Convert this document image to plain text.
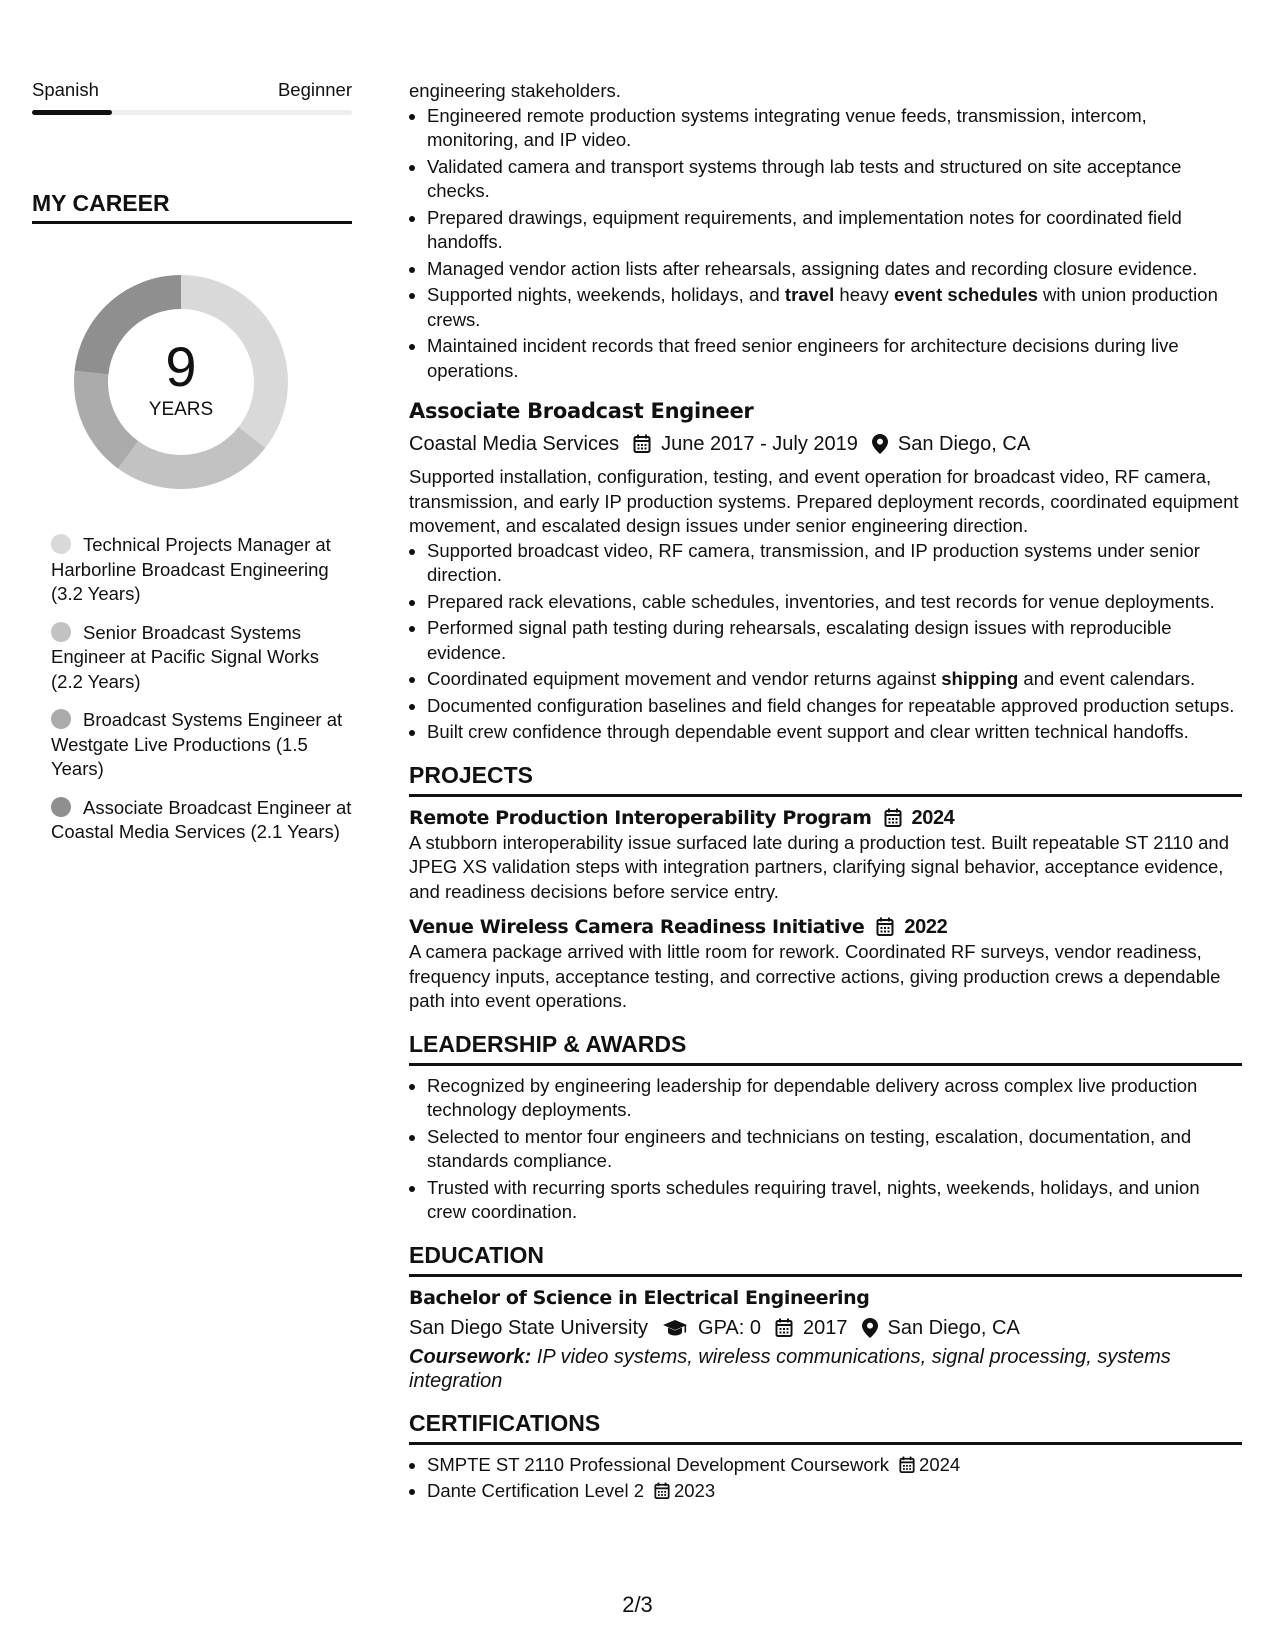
Spanish	Beginner
MY CAREER
9
YEARS
Technical Projects Manager at Harborline Broadcast Engineering (3.2 Years)
Senior Broadcast Systems Engineer at Pacific Signal Works (2.2 Years)
Broadcast Systems Engineer at Westgate Live Productions (1.5 Years)
Associate Broadcast Engineer at Coastal Media Services (2.1 Years)

engineering stakeholders.

• Engineered remote production systems integrating venue feeds, transmission, intercom, monitoring, and IP video.
• Validated camera and transport systems through lab tests and structured on site acceptance checks.
• Prepared drawings, equipment requirements, and implementation notes for coordinated field handoffs.
• Managed vendor action lists after rehearsals, assigning dates and recording closure evidence.
• Supported nights, weekends, holidays, and travel heavy event schedules with union production crews.
• Maintained incident records that freed senior engineers for architecture decisions during live operations.
Associate Broadcast Engineer
Coastal Media Services June 2017 - July 2019 San Diego, CA

Supported installation, configuration, testing, and event operation for broadcast video, RF camera, transmission, and early IP production systems. Prepared deployment records, coordinated equipment movement, and escalated design issues under senior engineering direction.

• Supported broadcast video, RF camera, transmission, and IP production systems under senior direction.
• Prepared rack elevations, cable schedules, inventories, and test records for venue deployments.
• Performed signal path testing during rehearsals, escalating design issues with reproducible evidence.
• Coordinated equipment movement and vendor returns against shipping and event calendars.
• Documented configuration baselines and field changes for repeatable approved production setups.
• Built crew confidence through dependable event support and clear written technical handoffs.
PROJECTS
Remote Production Interoperability Program 2024

A stubborn interoperability issue surfaced late during a production test. Built repeatable ST 2110 and JPEG XS validation steps with integration partners, clarifying signal behavior, acceptance evidence, and readiness decisions before service entry.

Venue Wireless Camera Readiness Initiative 2022

A camera package arrived with little room for rework. Coordinated RF surveys, vendor readiness, frequency inputs, acceptance testing, and corrective actions, giving production crews a dependable path into event operations.

LEADERSHIP & AWARDS
• Recognized by engineering leadership for dependable delivery across complex live production technology deployments.
• Selected to mentor four engineers and technicians on testing, escalation, documentation, and standards compliance.
• Trusted with recurring sports schedules requiring travel, nights, weekends, holidays, and union crew coordination.
EDUCATION
Bachelor of Science in Electrical Engineering
San Diego State University	GPA: 0 2017 San Diego, CA
Coursework: IP video systems, wireless communications, signal processing, systems integration
CERTIFICATIONS
• SMPTE ST 2110 Professional Development Coursework 2024
• Dante Certification Level 2 2023
2/3
